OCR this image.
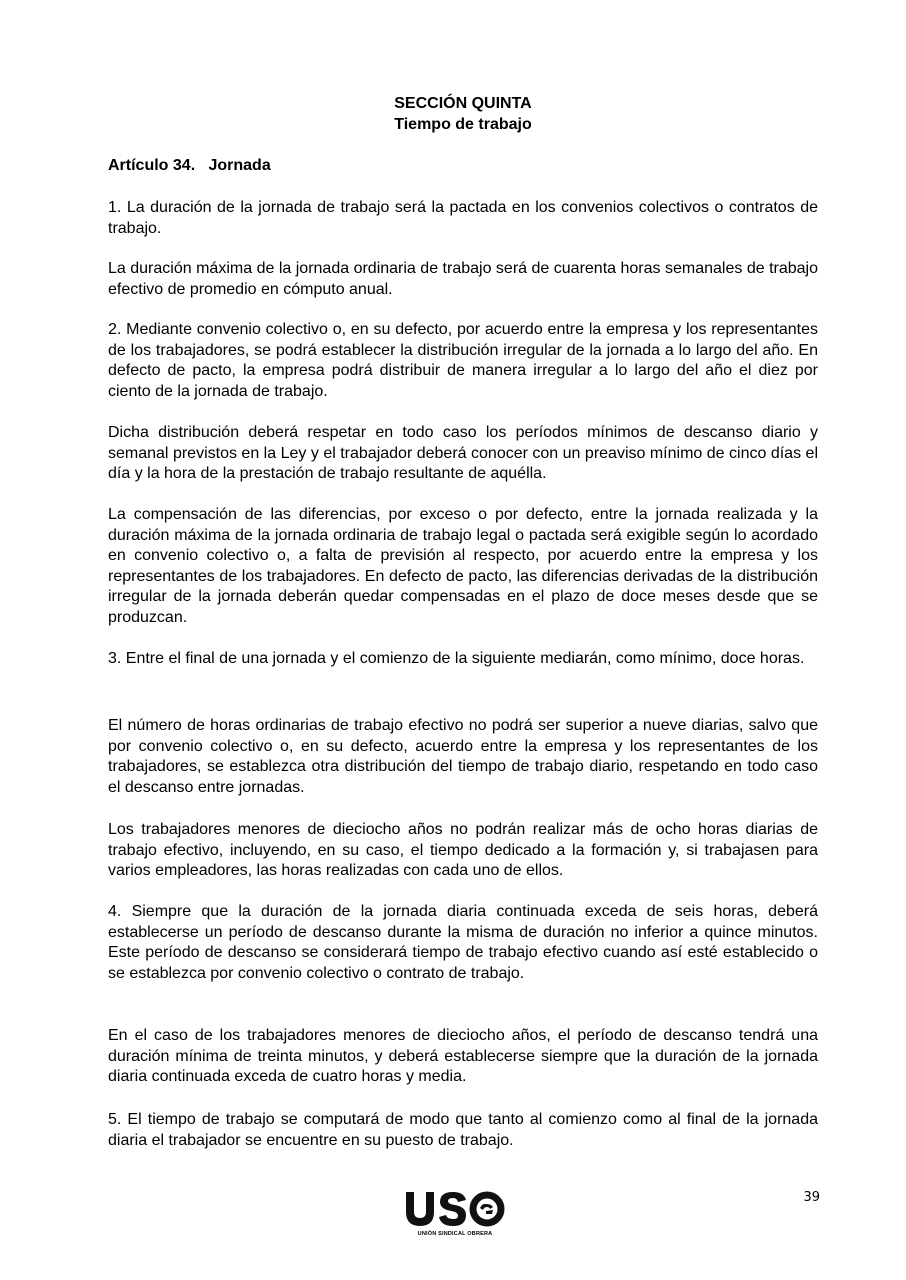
SECCIÓN QUINTA
Tiempo de trabajo
Artículo 34.   Jornada

1. La duración de la jornada de trabajo será la pactada en los convenios colectivos o contratos de trabajo.

La duración máxima de la jornada ordinaria de trabajo será de cuarenta horas semanales de trabajo efectivo de promedio en cómputo anual.

2. Mediante convenio colectivo o, en su defecto, por acuerdo entre la empresa y los representantes de los trabajadores, se podrá establecer la distribución irregular de la jornada a lo largo del año. En defecto de pacto, la empresa podrá distribuir de manera irregular a lo largo del año el diez por ciento de la jornada de trabajo.

Dicha distribución deberá respetar en todo caso los períodos mínimos de descanso diario y semanal previstos en la Ley y el trabajador deberá conocer con un preaviso mínimo de cinco días el día y la hora de la prestación de trabajo resultante de aquélla.

La compensación de las diferencias, por exceso o por defecto, entre la jornada realizada y la duración máxima de la jornada ordinaria de trabajo legal o pactada será exigible según lo acordado en convenio colectivo o, a falta de previsión al respecto, por acuerdo entre la empresa y los representantes de los trabajadores. En defecto de pacto, las diferencias derivadas de la distribución irregular de la jornada deberán quedar compensadas en el plazo de doce meses desde que se produzcan.

3. Entre el final de una jornada y el comienzo de la siguiente mediarán, como mínimo, doce horas.

El número de horas ordinarias de trabajo efectivo no podrá ser superior a nueve diarias, salvo que por convenio colectivo o, en su defecto, acuerdo entre la empresa y los representantes de los trabajadores, se establezca otra distribución del tiempo de trabajo diario, respetando en todo caso el descanso entre jornadas.

Los trabajadores menores de dieciocho años no podrán realizar más de ocho horas diarias de trabajo efectivo, incluyendo, en su caso, el tiempo dedicado a la formación y, si trabajasen para varios empleadores, las horas realizadas con cada uno de ellos.

4. Siempre que la duración de la jornada diaria continuada exceda de seis horas, deberá establecerse un período de descanso durante la misma de duración no inferior a quince minutos. Este período de descanso se considerará tiempo de trabajo efectivo cuando así esté establecido o se establezca por convenio colectivo o contrato de trabajo.

En el caso de los trabajadores menores de dieciocho años, el período de descanso tendrá una duración mínima de treinta minutos, y deberá establecerse siempre que la duración de la jornada diaria continuada exceda de cuatro horas y media.

5. El tiempo de trabajo se computará de modo que tanto al comienzo como al final de la jornada diaria el trabajador se encuentre en su puesto de trabajo.

39
UNIÓN SINDICAL OBRERA
